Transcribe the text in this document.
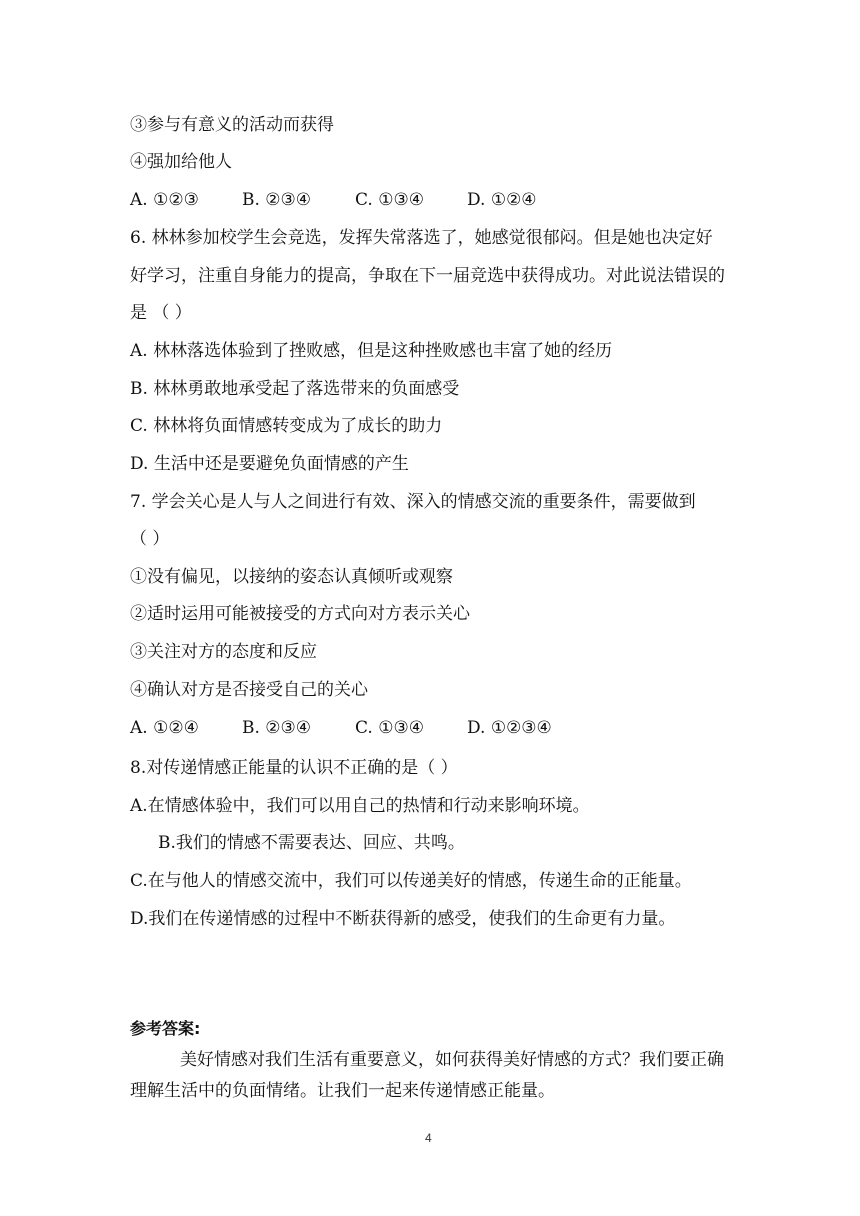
③参与有意义的活动而获得
④强加给他人
A. ①②③	B. ②③④	C. ①③④	D. ①②④
6. 林林参加校学生会竞选，发挥失常落选了，她感觉很郁闷。但是她也决定好
好学习，注重自身能力的提高，争取在下一届竞选中获得成功。对此说法错误的
是 （ ）
A. 林林落选体验到了挫败感，但是这种挫败感也丰富了她的经历
B. 林林勇敢地承受起了落选带来的负面感受
C. 林林将负面情感转变成为了成长的助力
D. 生活中还是要避免负面情感的产生
7. 学会关心是人与人之间进行有效、深入的情感交流的重要条件，需要做到
（ ）
①没有偏见，以接纳的姿态认真倾听或观察
②适时运用可能被接受的方式向对方表示关心
③关注对方的态度和反应
④确认对方是否接受自己的关心
A. ①②④	B. ②③④	C. ①③④	D. ①②③④
8.对传递情感正能量的认识不正确的是（ ）
A.在情感体验中，我们可以用自己的热情和行动来影响环境。
B.我们的情感不需要表达、回应、共鸣。
C.在与他人的情感交流中，我们可以传递美好的情感，传递生命的正能量。
D.我们在传递情感的过程中不断获得新的感受，使我们的生命更有力量。
参考答案:
美好情感对我们生活有重要意义，如何获得美好情感的方式？我们要正确
理解生活中的负面情绪。让我们一起来传递情感正能量。
4
